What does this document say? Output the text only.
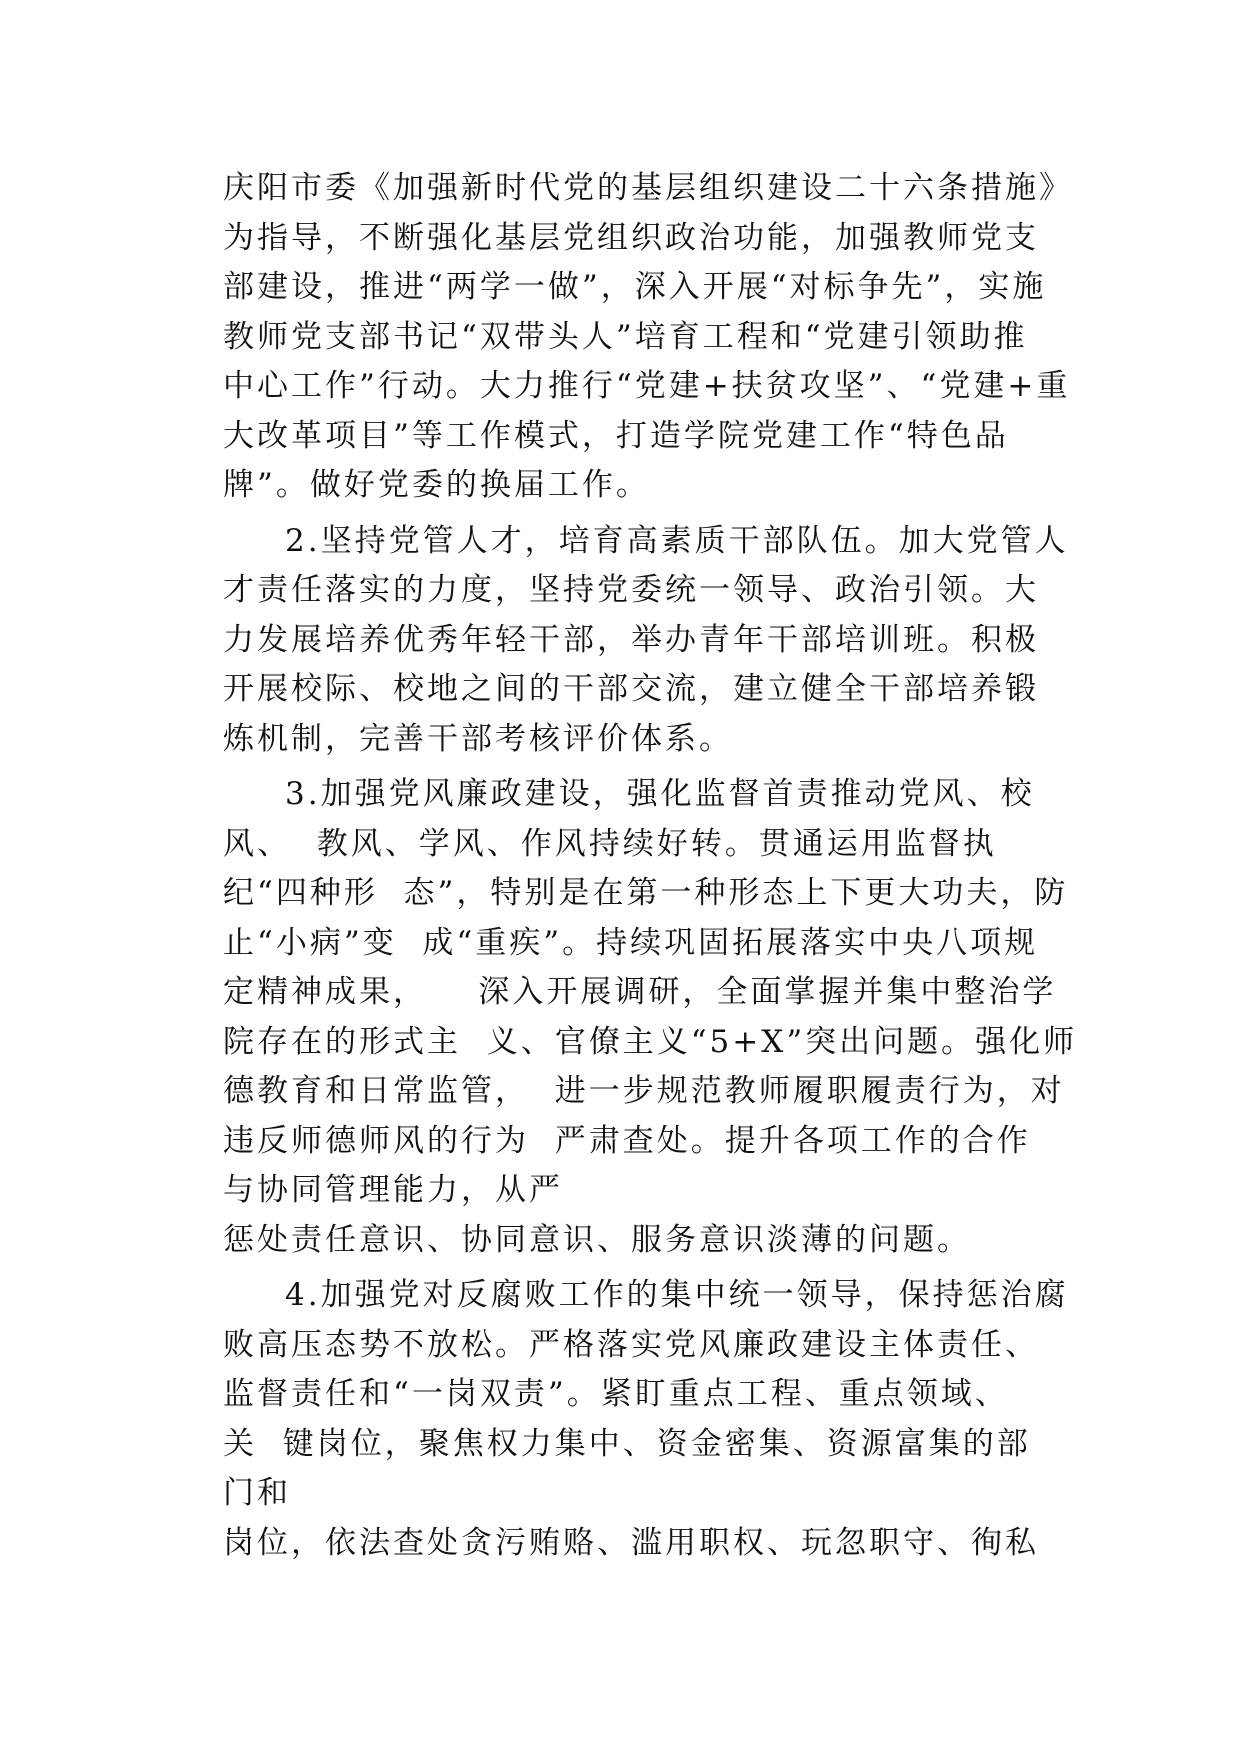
庆阳市委《加强新时代党的基层组织建设二十六条措施》
为指导，不断强化基层党组织政治功能，加强教师党支
部建设，推进“两学一做”，深入开展“对标争先”，实施
教师党支部书记“双带头人”培育工程和“党建引领助推
中心工作”行动。大力推行“党建+扶贫攻坚”、“党建+重
大改革项目”等工作模式，打造学院党建工作“特色品
牌”。做好党委的换届工作。
2.坚持党管人才，培育高素质干部队伍。加大党管人
才责任落实的力度，坚持党委统一领导、政治引领。大
力发展培养优秀年轻干部，举办青年干部培训班。积极
开展校际、校地之间的干部交流，建立健全干部培养锻
炼机制，完善干部考核评价体系。
3.加强党风廉政建设，强化监督首责推动党风、校
风、  教风、学风、作风持续好转。贯通运用监督执
纪“四种形  态”，特别是在第一种形态上下更大功夫，防
止“小病”变  成“重疾”。持续巩固拓展落实中央八项规
定精神成果，    深入开展调研，全面掌握并集中整治学
院存在的形式主  义、官僚主义“5+X”突出问题。强化师
德教育和日常监管，  进一步规范教师履职履责行为，对
违反师德师风的行为  严肃查处。提升各项工作的合作
与协同管理能力，从严
惩处责任意识、协同意识、服务意识淡薄的问题。
4.加强党对反腐败工作的集中统一领导，保持惩治腐
败高压态势不放松。严格落实党风廉政建设主体责任、
监督责任和“一岗双责”。紧盯重点工程、重点领域、
关  键岗位，聚焦权力集中、资金密集、资源富集的部
门和
岗位，依法查处贪污贿赂、滥用职权、玩忽职守、徇私
